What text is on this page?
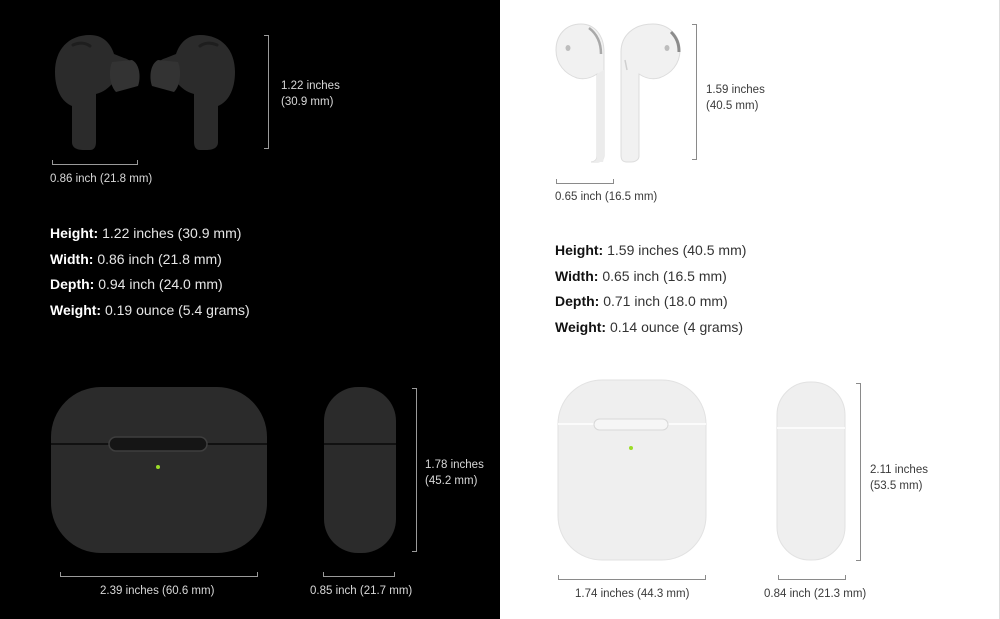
1.22 inches
(30.9 mm)
0.86 inch (21.8 mm)
Height: 1.22 inches (30.9 mm)
Width: 0.86 inch (21.8 mm)
Depth: 0.94 inch (24.0 mm)
Weight: 0.19 ounce (5.4 grams)
1.78 inches
(45.2 mm)
2.39 inches (60.6 mm)	0.85 inch (21.7 mm)
1.59 inches
(40.5 mm)
0.65 inch (16.5 mm)
Height: 1.59 inches (40.5 mm)
Width: 0.65 inch (16.5 mm)
Depth: 0.71 inch (18.0 mm)
Weight: 0.14 ounce (4 grams)
2.11 inches
(53.5 mm)
1.74 inches (44.3 mm)	0.84 inch (21.3 mm)
